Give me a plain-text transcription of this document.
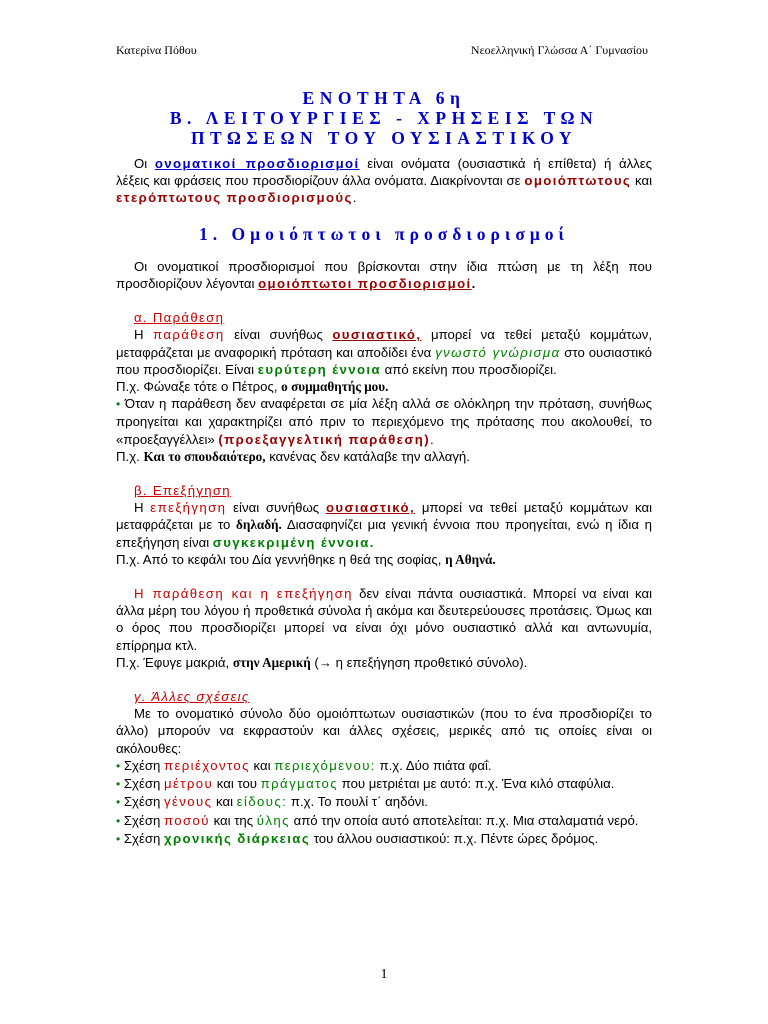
Κατερίνα Πόθου	Νεοελληνική Γλώσσα Α΄ Γυμνασίου
ΕΝΟΤΗΤΑ 6η
Β. ΛΕΙΤΟΥΡΓΙΕΣ - ΧΡΗΣΕΙΣ ΤΩΝ
ΠΤΩΣΕΩΝ ΤΟΥ ΟΥΣΙΑΣΤΙΚΟΥ

Οι ονοματικοί προσδιορισμοί είναι ονόματα (ουσιαστικά ή επίθετα) ή άλλες λέξεις και φράσεις που προσδιορίζουν άλλα ονόματα. Διακρίνονται σε ομοιόπτωτους και ετερόπτωτους προσδιορισμούς.

1. Ομοιόπτωτοι προσδιορισμοί

Οι ονοματικοί προσδιορισμοί που βρίσκονται στην ίδια πτώση με τη λέξη που προσδιορίζουν λέγονται ομοιόπτωτοι προσδιορισμοί.

α. Παράθεση

Η παράθεση είναι συνήθως ουσιαστικό, μπορεί να τεθεί μεταξύ κομμάτων, μεταφράζεται με αναφορική πρόταση και αποδίδει ένα γνωστό γνώρισμα στο ουσιαστικό που προσδιορίζει. Είναι ευρύτερη έννοια από εκείνη που προσδιορίζει.

Π.χ. Φώναξε τότε ο Πέτρος, ο συμμαθητής μου.

• Όταν η παράθεση δεν αναφέρεται σε μία λέξη αλλά σε ολόκληρη την πρόταση, συνήθως προηγείται και χαρακτηρίζει από πριν το περιεχόμενο της πρότασης που ακολουθεί, το «προεξαγγέλλει» (προεξαγγελτική παράθεση).

Π.χ. Και το σπουδαιότερο, κανένας δεν κατάλαβε την αλλαγή.

β. Επεξήγηση

Η επεξήγηση είναι συνήθως ουσιαστικό, μπορεί να τεθεί μεταξύ κομμάτων και μεταφράζεται με το δηλαδή. Διασαφηνίζει μια γενική έννοια που προηγείται, ενώ η ίδια η επεξήγηση είναι συγκεκριμένη έννοια.

Π.χ. Από το κεφάλι του Δία γεννήθηκε η θεά της σοφίας, η Αθηνά.

Η παράθεση και η επεξήγηση δεν είναι πάντα ουσιαστικά. Μπορεί να είναι και άλλα μέρη του λόγου ή προθετικά σύνολα ή ακόμα και δευτερεύουσες προτάσεις. Όμως και ο όρος που προσδιορίζει μπορεί να είναι όχι μόνο ουσιαστικό αλλά και αντωνυμία, επίρρημα κτλ.

Π.χ. Έφυγε μακριά, στην Αμερική (→ η επεξήγηση προθετικό σύνολο).

γ. Άλλες σχέσεις

Με το ονοματικό σύνολο δύο ομοιόπτωτων ουσιαστικών (που το ένα προσδιορίζει το άλλο) μπορούν να εκφραστούν και άλλες σχέσεις, μερικές από τις οποίες είναι οι ακόλουθες:

• Σχέση περιέχοντος και περιεχόμενου: π.χ. Δύο πιάτα φαΐ.

• Σχέση μέτρου και του πράγματος που μετριέται με αυτό: π.χ. Ένα κιλό σταφύλια.

• Σχέση γένους και είδους: π.χ. Το πουλί τ΄ αηδόνι.

• Σχέση ποσού και της ύλης από την οποία αυτό αποτελείται: π.χ. Μια σταλαματιά νερό.

• Σχέση χρονικής διάρκειας του άλλου ουσιαστικού: π.χ. Πέντε ώρες δρόμος.

1
